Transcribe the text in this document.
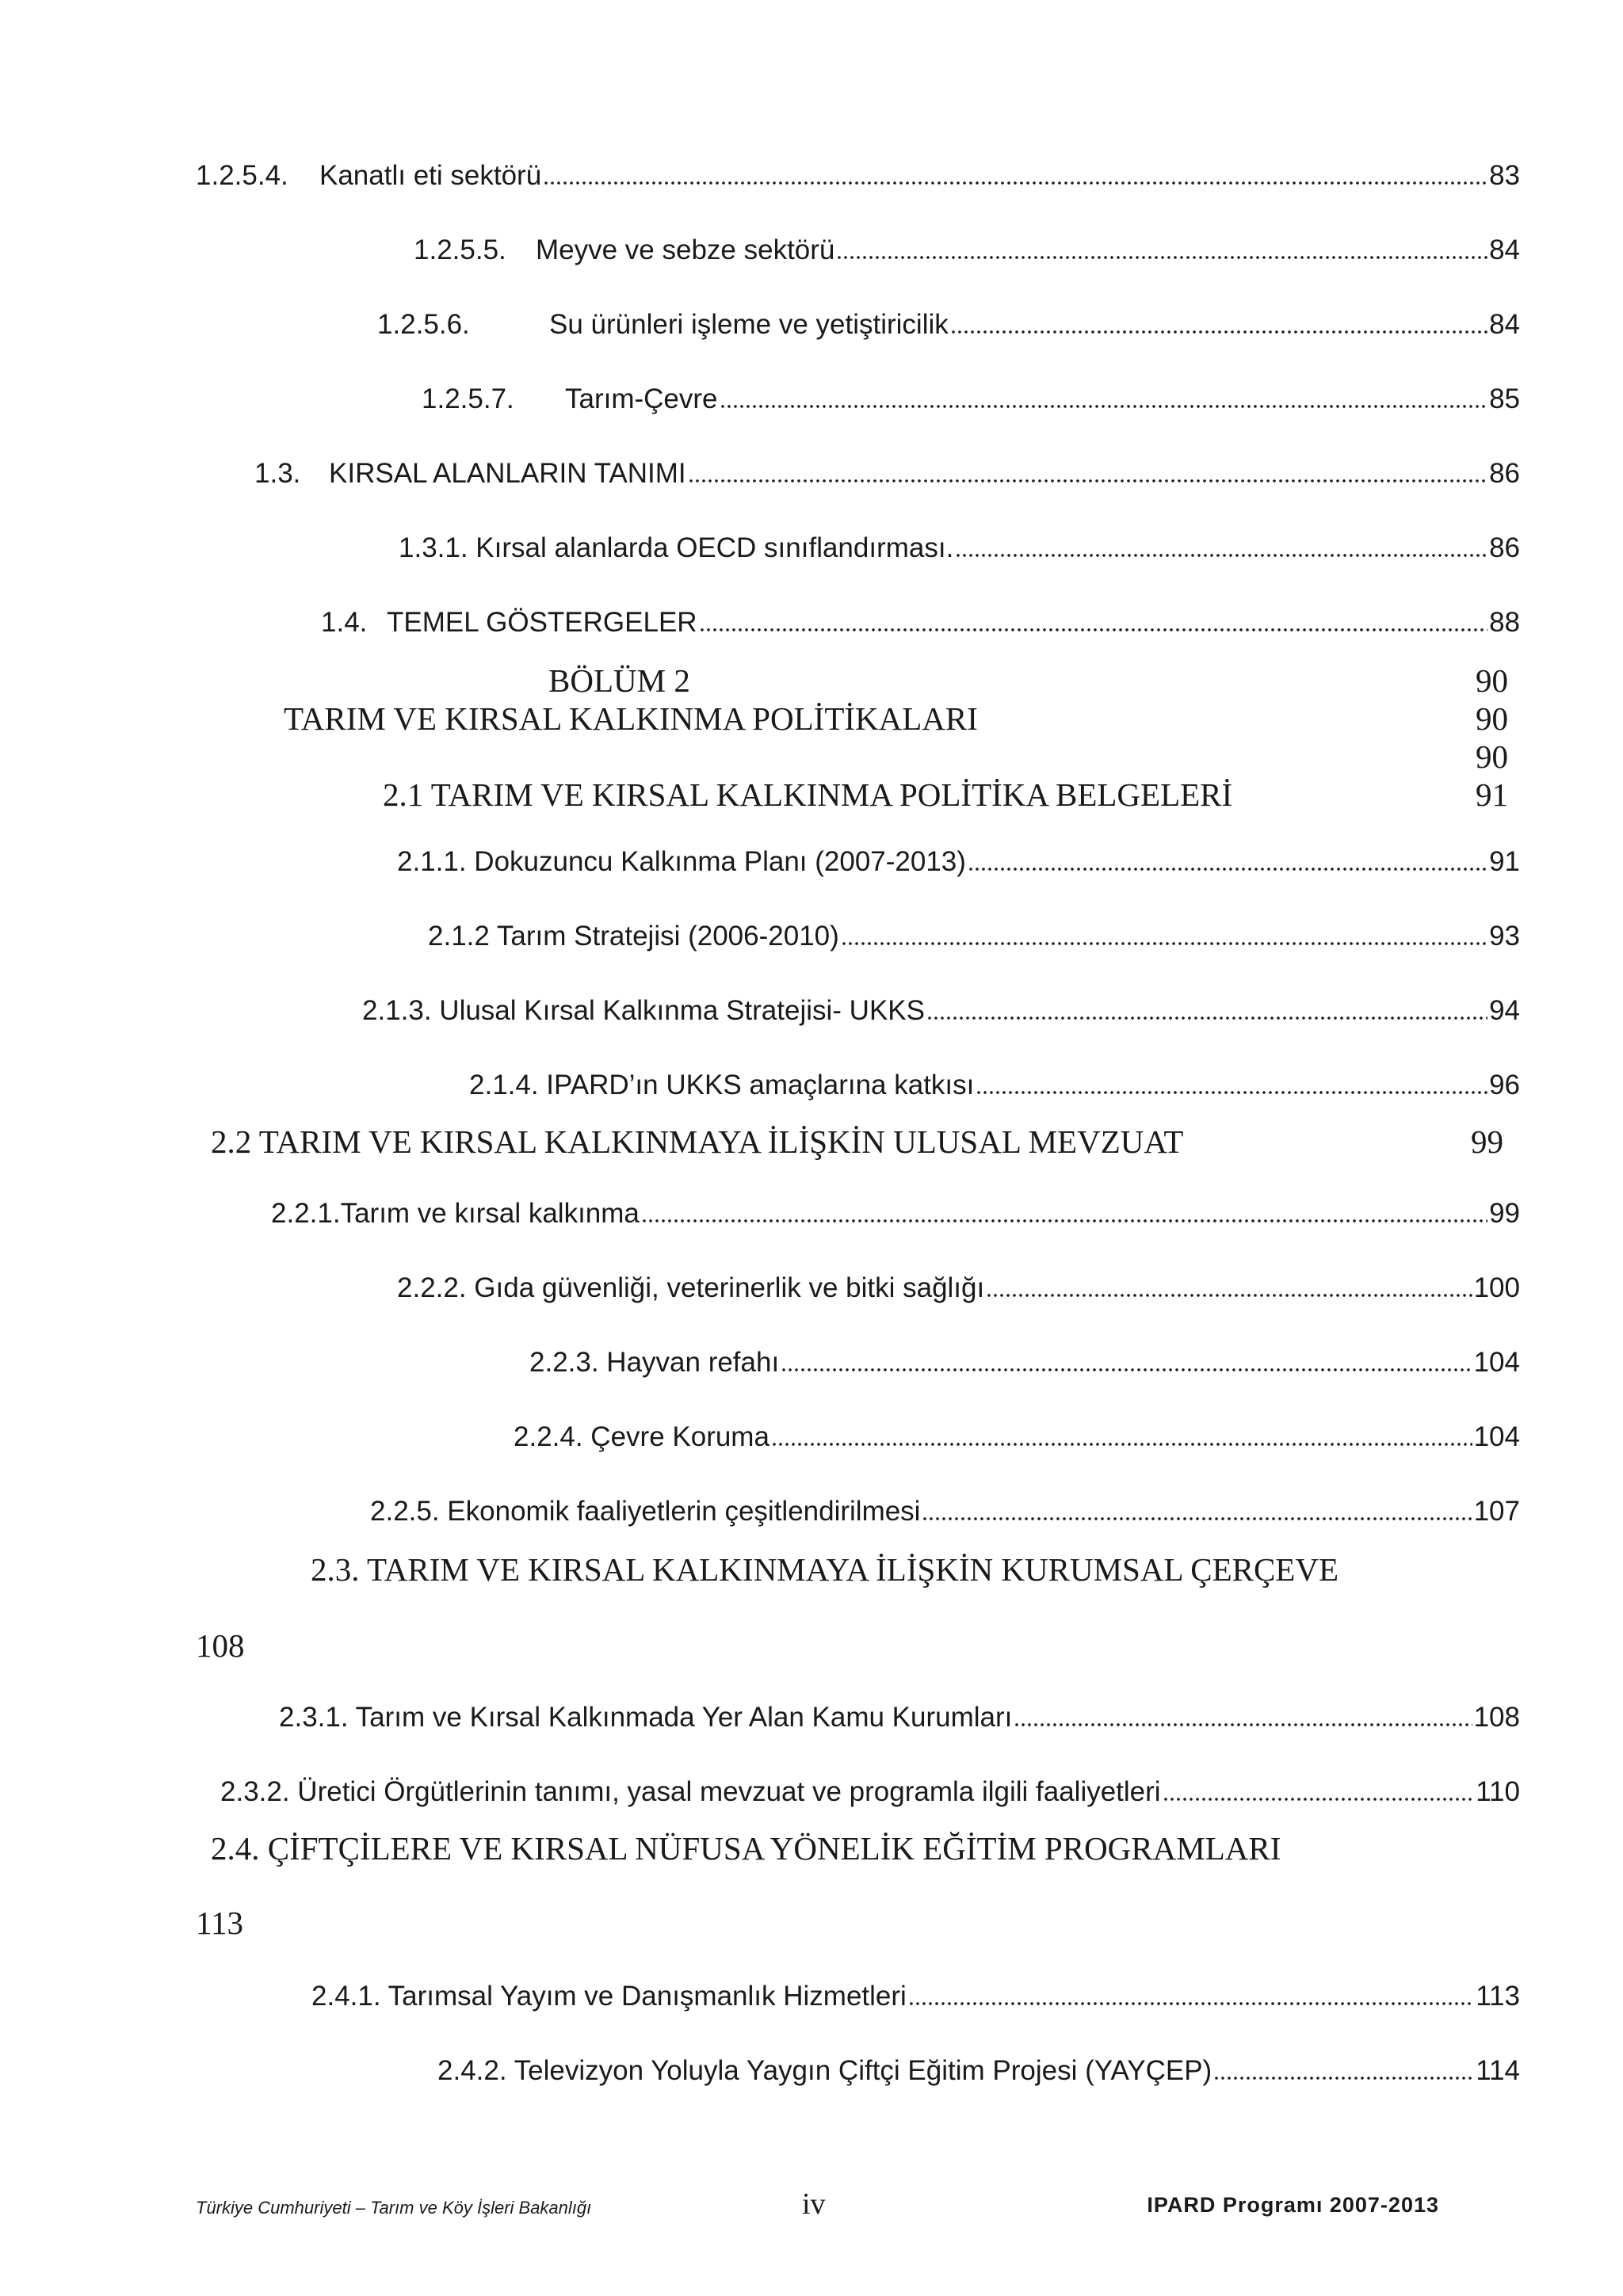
1.2.5.4.	Kanatlı eti sektörü	83
1.2.5.5.	Meyve ve sebze sektörü	84
1.2.5.6.	Su ürünleri işleme ve yetiştiricilik	84
1.2.5.7.	Tarım-Çevre	85
1.3.	KIRSAL ALANLARIN TANIMI	86
1.3.1. Kırsal alanlarda OECD sınıflandırması.	86
1.4. TEMEL GÖSTERGELER	88
BÖLÜM 2	90
TARIM VE KIRSAL KALKINMA POLİTİKALARI	90
90
2.1 TARIM VE KIRSAL KALKINMA POLİTİKA BELGELERİ	91
2.1.1. Dokuzuncu Kalkınma Planı (2007-2013)	91
2.1.2 Tarım Stratejisi (2006-2010)	93
2.1.3. Ulusal Kırsal Kalkınma Stratejisi- UKKS	94
2.1.4. IPARD’ın UKKS amaçlarına katkısı	96
2.2 TARIM VE KIRSAL KALKINMAYA İLİŞKİN ULUSAL MEVZUAT	99
2.2.1.Tarım ve kırsal kalkınma	99
2.2.2. Gıda güvenliği, veterinerlik ve bitki sağlığı	100
2.2.3. Hayvan refahı	104
2.2.4. Çevre Koruma	104
2.2.5. Ekonomik faaliyetlerin çeşitlendirilmesi	107
2.3. TARIM VE KIRSAL KALKINMAYA İLİŞKİN KURUMSAL ÇERÇEVE
108
2.3.1. Tarım ve Kırsal Kalkınmada Yer Alan Kamu Kurumları	108
2.3.2. Üretici Örgütlerinin tanımı, yasal mevzuat ve programla ilgili faaliyetleri	110
2.4. ÇİFTÇİLERE VE KIRSAL NÜFUSA YÖNELİK EĞİTİM PROGRAMLARI
113
2.4.1. Tarımsal Yayım ve Danışmanlık Hizmetleri	113
2.4.2. Televizyon Yoluyla Yaygın Çiftçi Eğitim Projesi (YAYÇEP)	114
Türkiye Cumhuriyeti – Tarım ve Köy İşleri Bakanlığı	iv	IPARD Programı 2007-2013
